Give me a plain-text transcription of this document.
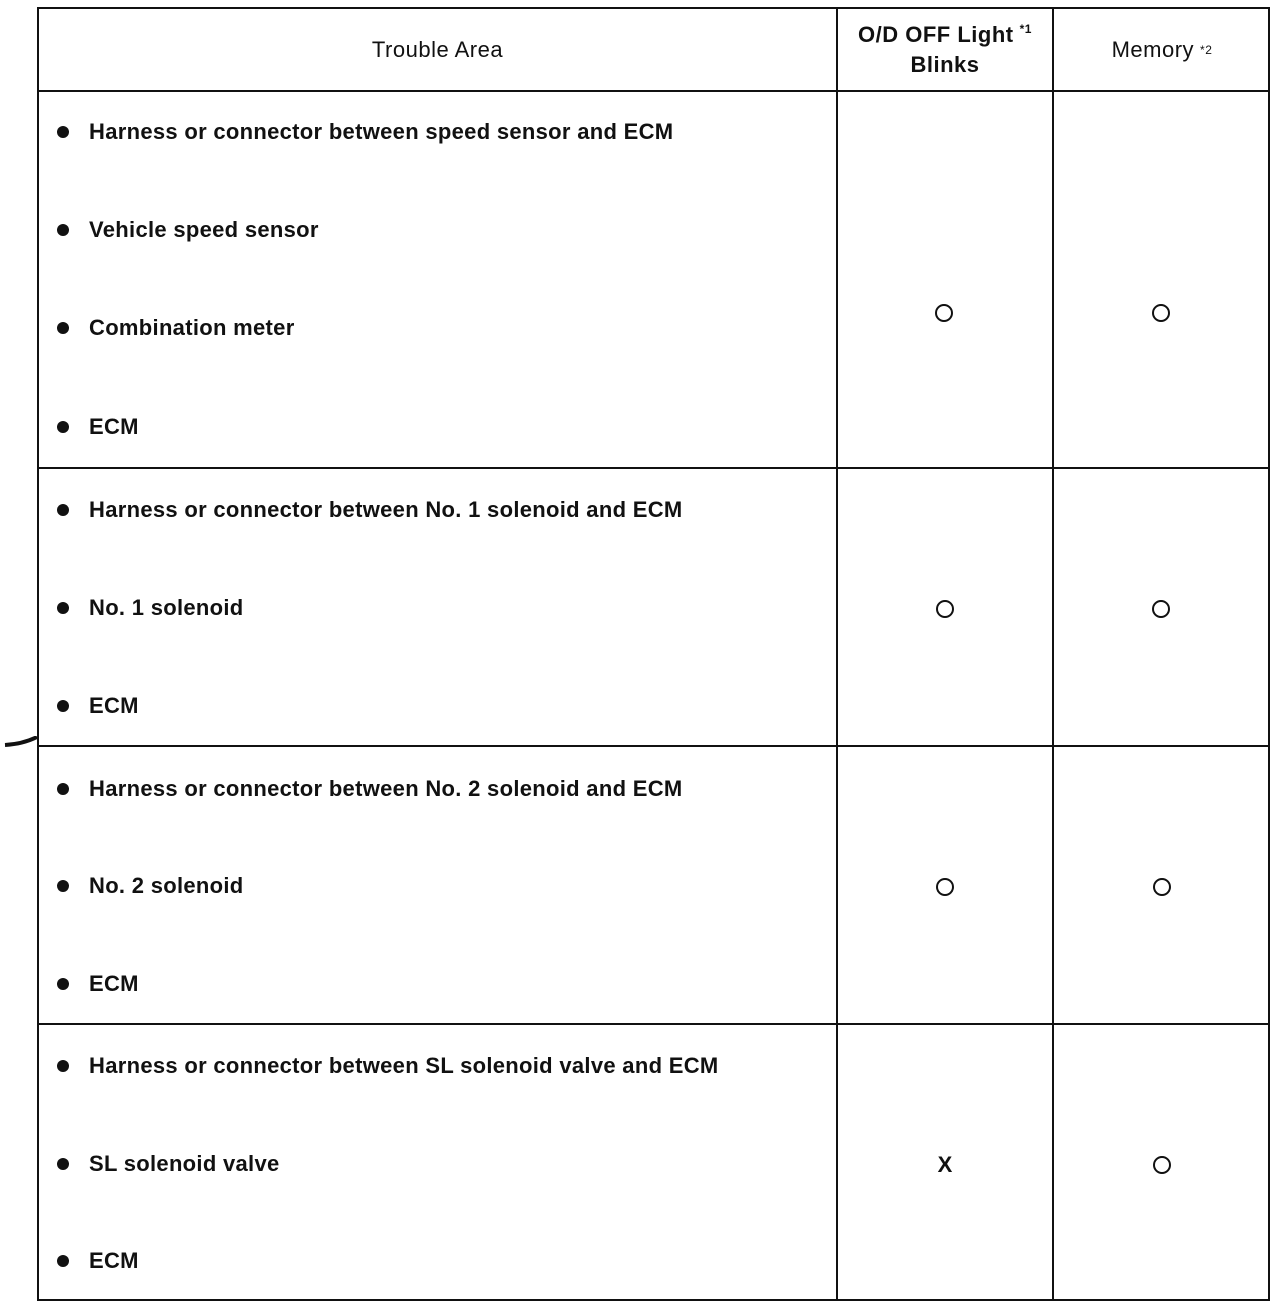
Trouble Area
O/D OFF Light $^{*1}$
Blinks
Memory *2
Harness or connector between speed sensor and ECM
Vehicle speed sensor
Combination meter
ECM
Harness or connector between No. 1 solenoid and ECM
No. 1 solenoid
ECM
Harness or connector between No. 2 solenoid and ECM
No. 2 solenoid
ECM
Harness or connector between SL solenoid valve and ECM
SL solenoid valve
ECM
X
